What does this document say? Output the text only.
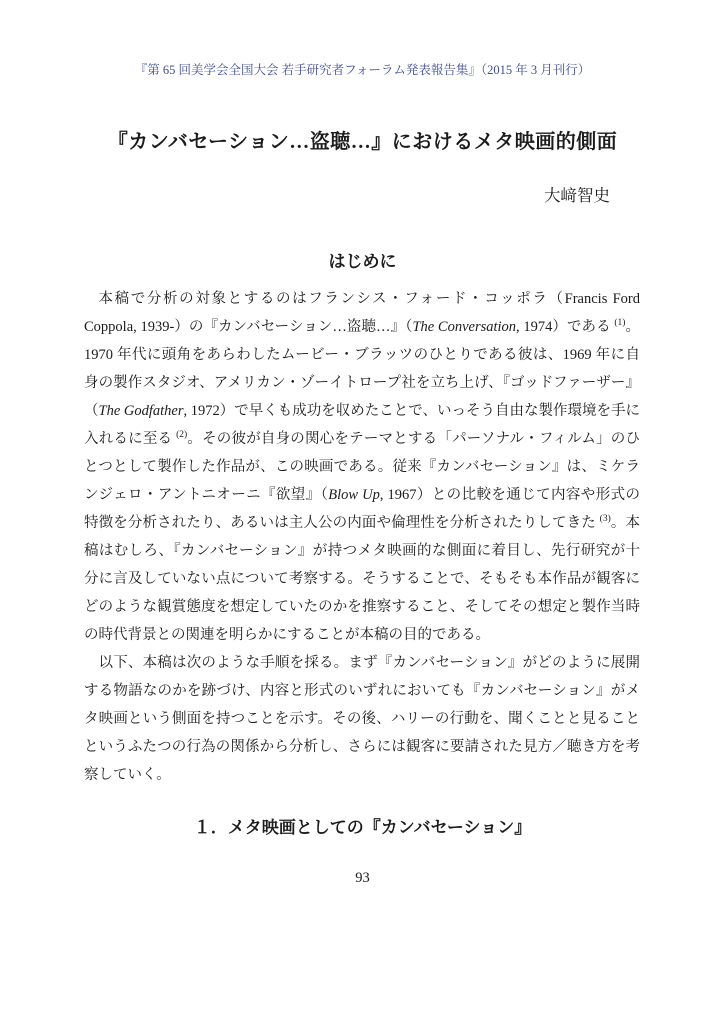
『第 65 回美学会全国大会 若手研究者フォーラム発表報告集』（2015 年 3 月刊行）
『カンバセーション…盗聴…』におけるメタ映画的側面
大﨑智史
はじめに

本稿で分析の対象とするのはフランシス・フォード・コッポラ（Francis Ford Coppola, 1939-）の『カンバセーション…盗聴…』（The Conversation, 1974）である $^{(1)}$。1970 年代に頭角をあらわしたムービー・ブラッツのひとりである彼は、1969 年に自身の製作スタジオ、アメリカン・ゾーイトロープ社を立ち上げ、『ゴッドファーザー』（The Godfather, 1972）で早くも成功を収めたことで、いっそう自由な製作環境を手に入れるに至る $^{(2)}$。その彼が自身の関心をテーマとする「パーソナル・フィルム」のひとつとして製作した作品が、この映画である。従来『カンバセーション』は、ミケランジェロ・アントニオーニ『欲望』（Blow Up, 1967）との比較を通じて内容や形式の特徴を分析されたり、あるいは主人公の内面や倫理性を分析されたりしてきた $^{(3)}$。本稿はむしろ、『カンバセーション』が持つメタ映画的な側面に着目し、先行研究が十分に言及していない点について考察する。そうすることで、そもそも本作品が観客にどのような観賞態度を想定していたのかを推察すること、そしてその想定と製作当時の時代背景との関連を明らかにすることが本稿の目的である。

以下、本稿は次のような手順を採る。まず『カンバセーション』がどのように展開する物語なのかを跡づけ、内容と形式のいずれにおいても『カンバセーション』がメタ映画という側面を持つことを示す。その後、ハリーの行動を、聞くことと見ることというふたつの行為の関係から分析し、さらには観客に要請された見方／聴き方を考察していく。

１．メタ映画としての『カンバセーション』
93
